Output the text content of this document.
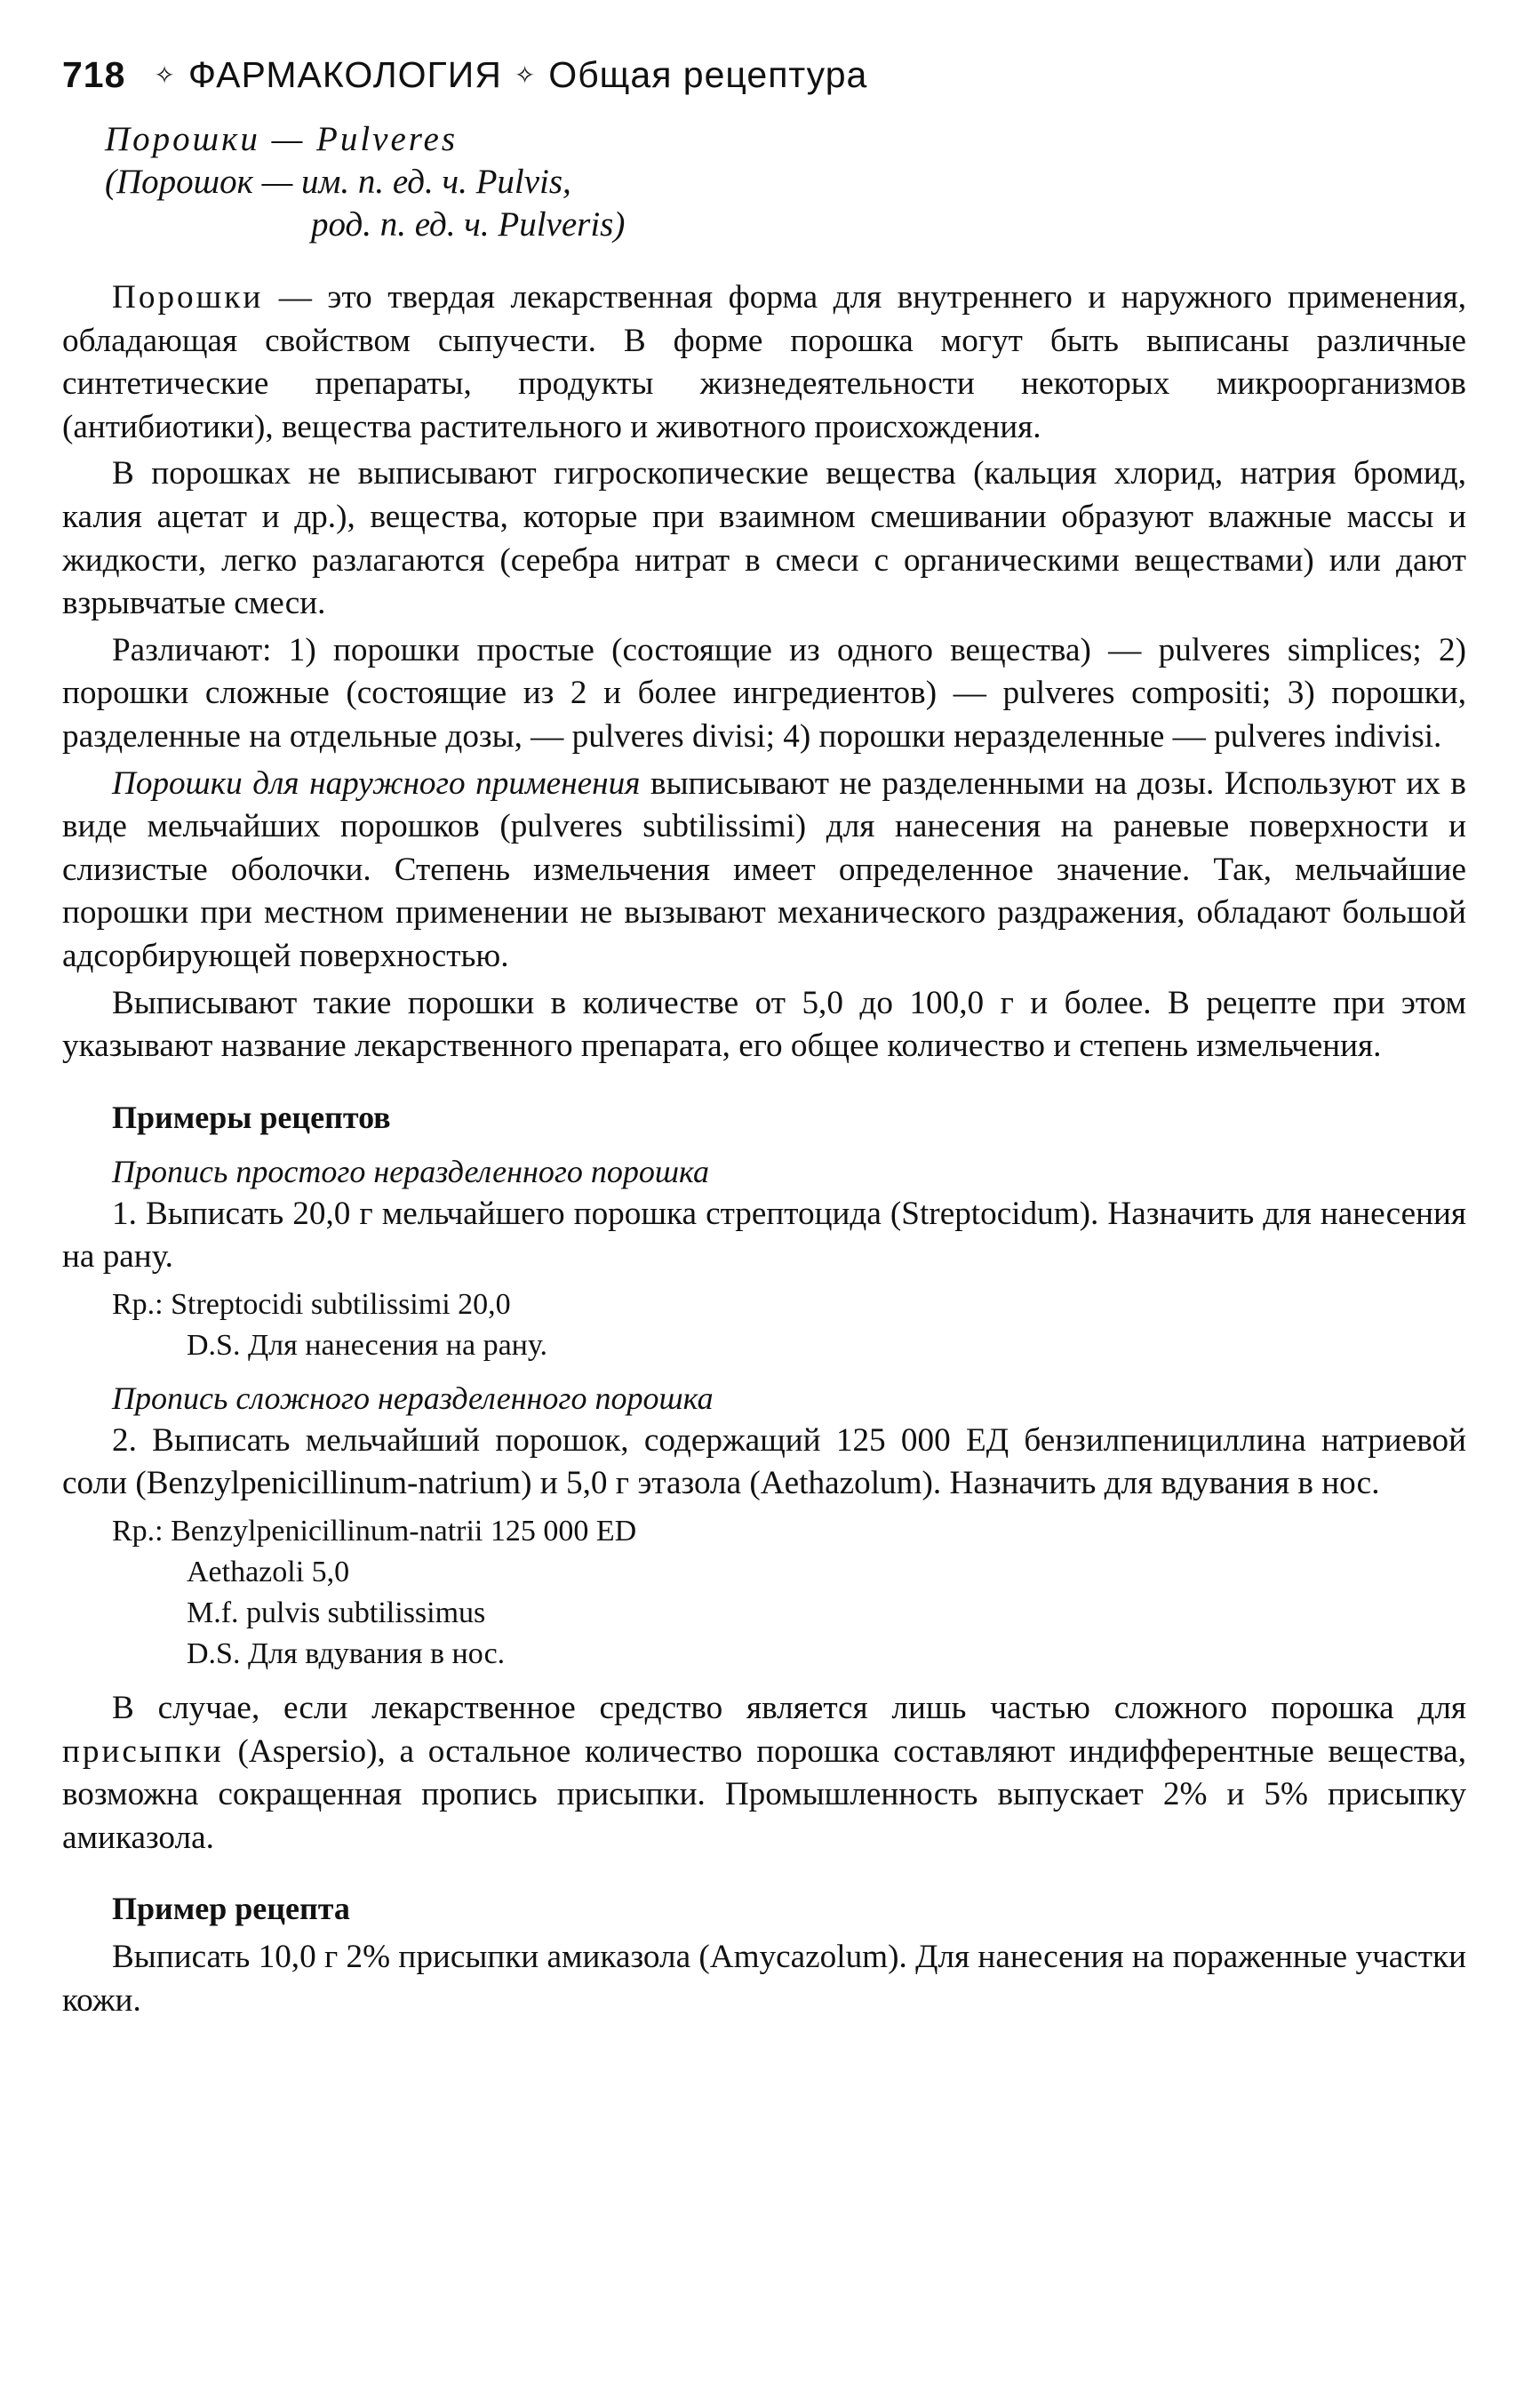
718 ✧ ФАРМАКОЛОГИЯ ✧ Общая рецептура
Порошки — Pulveres
(Порошок — им. п. ед. ч. Pulvis,
род. п. ед. ч. Pulveris)

Порошки — это твердая лекарственная форма для внутреннего и наружного применения, обладающая свойством сыпучести. В форме порошка могут быть выписаны различные синтетические препараты, продукты жизнедеятельности некоторых микроорганизмов (антибиотики), вещества растительного и животного происхождения.

В порошках не выписывают гигроскопические вещества (кальция хлорид, натрия бромид, калия ацетат и др.), вещества, которые при взаимном смешивании образуют влажные массы и жидкости, легко разлагаются (серебра нитрат в смеси с органическими веществами) или дают взрывчатые смеси.

Различают: 1) порошки простые (состоящие из одного вещества) — pulveres simplices; 2) порошки сложные (состоящие из 2 и более ингредиентов) — pulveres compositi; 3) порошки, разделенные на отдельные дозы, — pulveres divisi; 4) порошки неразделенные — pulveres indivisi.

Порошки для наружного применения выписывают не разделенными на дозы. Используют их в виде мельчайших порошков (pulveres subtilissimi) для нанесения на раневые поверхности и слизистые оболочки. Степень измельчения имеет определенное значение. Так, мельчайшие порошки при местном применении не вызывают механического раздражения, обладают большой адсорбирующей поверхностью.

Выписывают такие порошки в количестве от 5,0 до 100,0 г и более. В рецепте при этом указывают название лекарственного препарата, его общее количество и степень измельчения.

Примеры рецептов
Пропись простого неразделенного порошка

1. Выписать 20,0 г мельчайшего порошка стрептоцида (Streptocidum). Назначить для нанесения на рану.

Rp.: Streptocidi subtilissimi 20,0
D.S. Для нанесения на рану.
Пропись сложного неразделенного порошка

2. Выписать мельчайший порошок, содержащий 125 000 ЕД бензилпенициллина натриевой соли (Benzylpenicillinum-natrium) и 5,0 г этазола (Aethazolum). Назначить для вдувания в нос.

Rp.: Benzylpenicillinum-natrii 125 000 ED
Aethazoli 5,0
M.f. pulvis subtilissimus
D.S. Для вдувания в нос.

В случае, если лекарственное средство является лишь частью сложного порошка для присыпки (Aspersio), а остальное количество порошка составляют индифферентные вещества, возможна сокращенная пропись присыпки. Промышленность выпускает 2% и 5% присыпку амиказола.

Пример рецепта

Выписать 10,0 г 2% присыпки амиказола (Amycazolum). Для нанесения на пораженные участки кожи.
